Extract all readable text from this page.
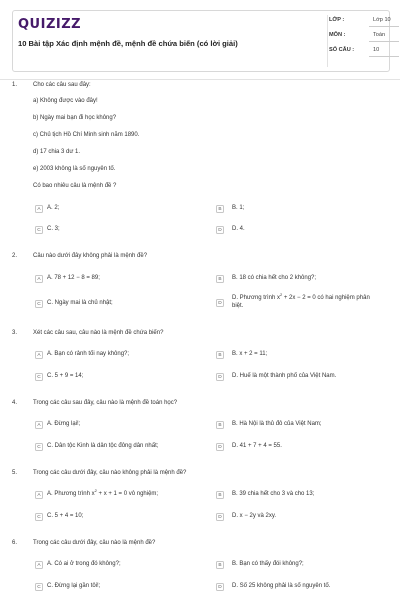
QUIZIZZ
10 Bài tập Xác định mệnh đề, mệnh đề chứa biến (có lời giải)
LỚP :	Lớp 10
MÔN :	Toán
SỐ CÂU :	10
1.	Cho các câu sau đây:
a) Không được vào đây!
b) Ngày mai bạn đi học không?
c) Chủ tịch Hồ Chí Minh sinh năm 1890.
d) 17 chia 3 dư 1.
e) 2003 không là số nguyên tố.
Có bao nhiêu câu là mệnh đề ?
A	A. 2;	B	B. 1;
C	C. 3;	D	D. 4.
2.	Câu nào dưới đây không phải là mệnh đề?
A	A. 78 + 12 − 8 = 89;	B	B. 18 có chia hết cho 2 không?;
C	C. Ngày mai là chủ nhật;	D
D. Phương trình $x^2 + 2x - 2 = 0$ có hai nghiệm phân biệt.
3.	Xét các câu sau, câu nào là mệnh đề chứa biến?
A	A. Bạn có rảnh tối nay không?;	B	B. x + 2 = 11;
C	C. 5 + 9 = 14;	D	D. Huế là một thành phố của Việt Nam.
4.	Trong các câu sau đây, câu nào là mệnh đề toán học?
A	A. Đừng lại!;	B	B. Hà Nội là thủ đô của Việt Nam;
C	C. Dân tộc Kinh là dân tộc đông dân nhất;	D	D. 41 + 7 + 4 = 55.
5.	Trong các câu dưới đây, câu nào không phải là mệnh đề?
A	A. Phương trình $x^2 + x + 1 = 0$ vô nghiệm;	B	B. 39 chia hết cho 3 và cho 13;
C	C. 5 + 4 = 10;	D	D. x − 2y và 2xy.
6.	Trong các câu dưới đây, câu nào là mệnh đề?
A	A. Có ai ở trong đó không?;	B	B. Bạn có thấy đói không?;
C	C. Đừng lại gần tôi!;	D	D. Số 25 không phải là số nguyên tố.
